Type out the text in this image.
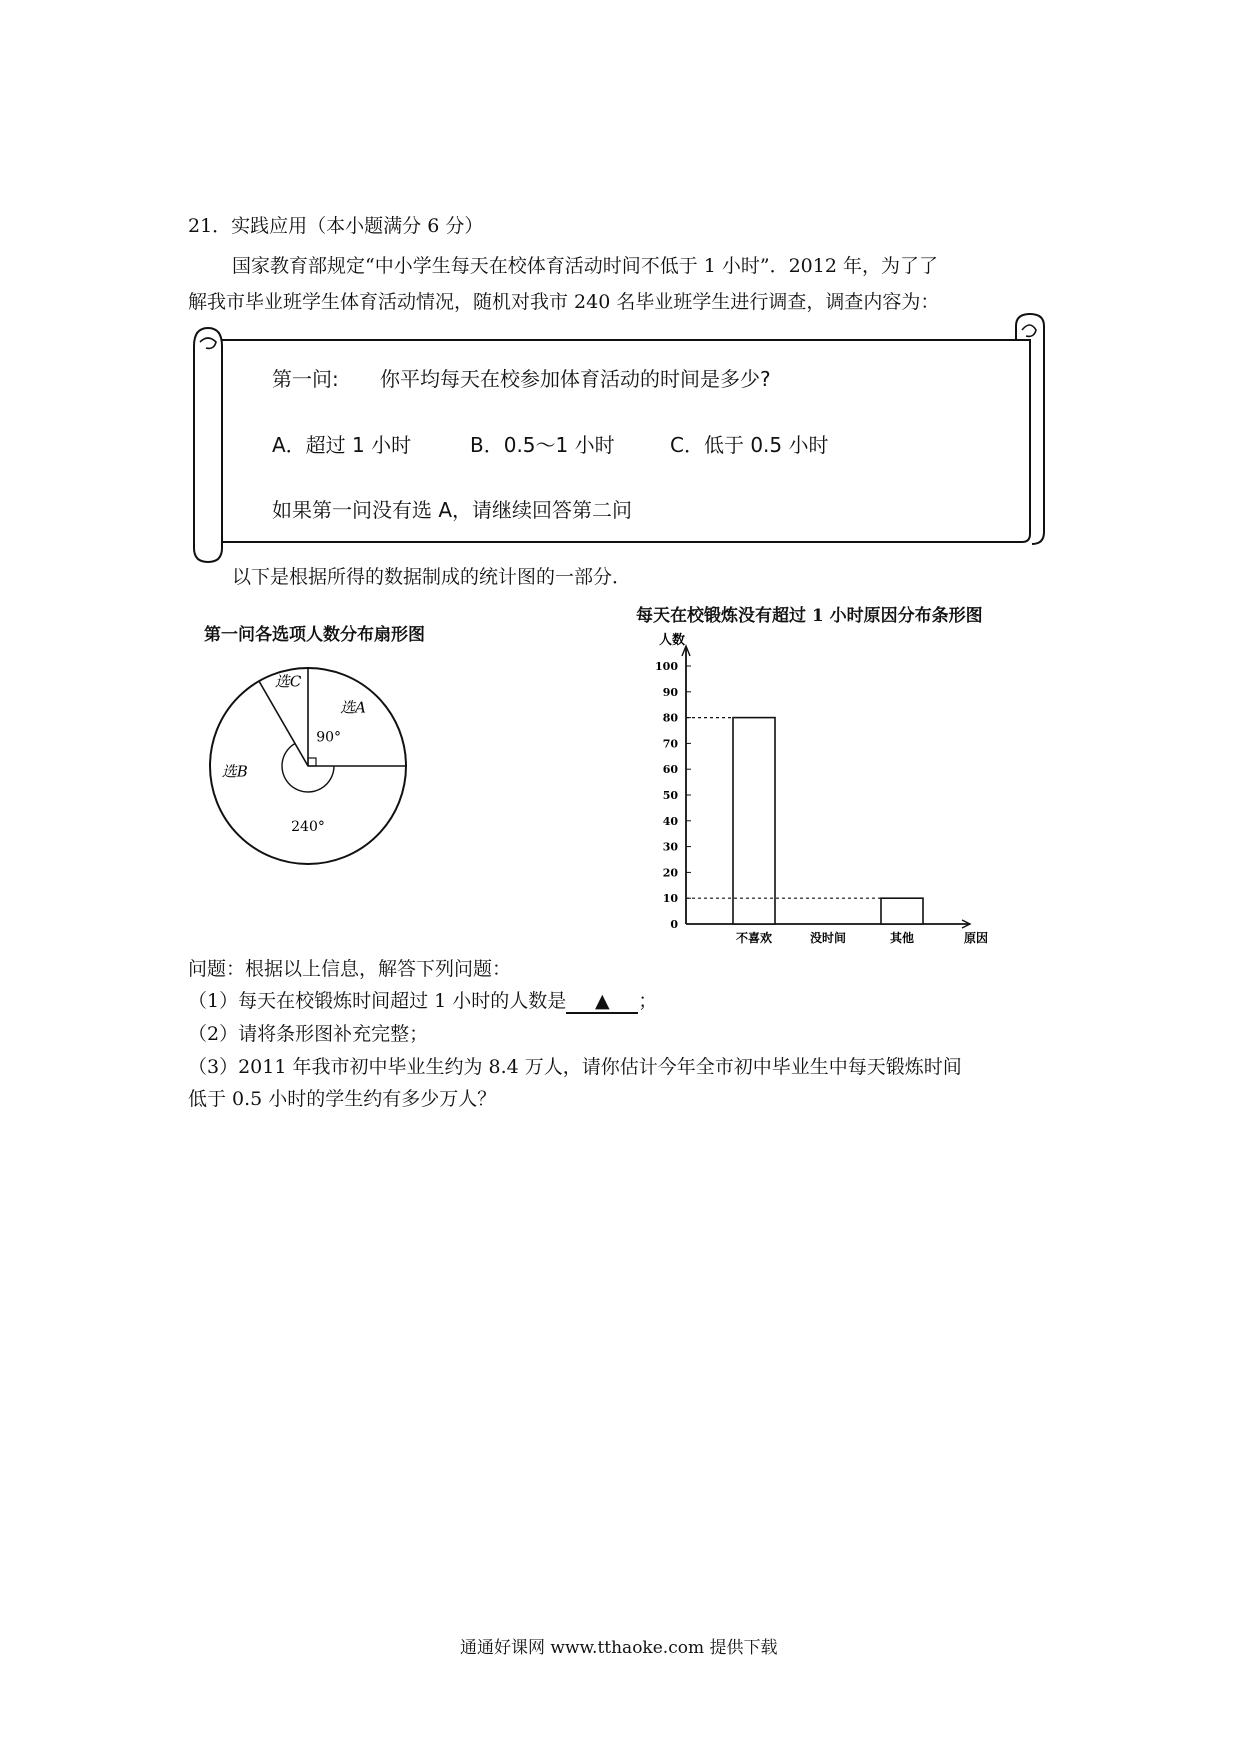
21．实践应用（本小题满分 6 分）
国家教育部规定“中小学生每天在校体育活动时间不低于 1 小时”．2012 年，为了了
解我市毕业班学生体育活动情况，随机对我市 240 名毕业班学生进行调查，调查内容为：
第一问: 你平均每天在校参加体育活动的时间是多少?
A．超过 1 小时	B．0.5～1 小时	C．低于 0.5 小时
如果第一问没有选 A，请继续回答第二问
以下是根据所得的数据制成的统计图的一部分．
第一问各选项人数分布扇形图
选A
90°
选B
240°
选C
每天在校锻炼没有超过 1 小时原因分布条形图
人数
0
10
20
30
40
50
60
70
80
90
100
不喜欢	没时间	其他	原因
问题：根据以上信息，解答下列问题：
（1）每天在校锻炼时间超过 1 小时的人数是 ▲ ；
（2）请将条形图补充完整；
（3）2011 年我市初中毕业生约为 8.4 万人，请你估计今年全市初中毕业生中每天锻炼时间
低于 0.5 小时的学生约有多少万人？
通通好课网 www.tthaoke.com 提供下载
